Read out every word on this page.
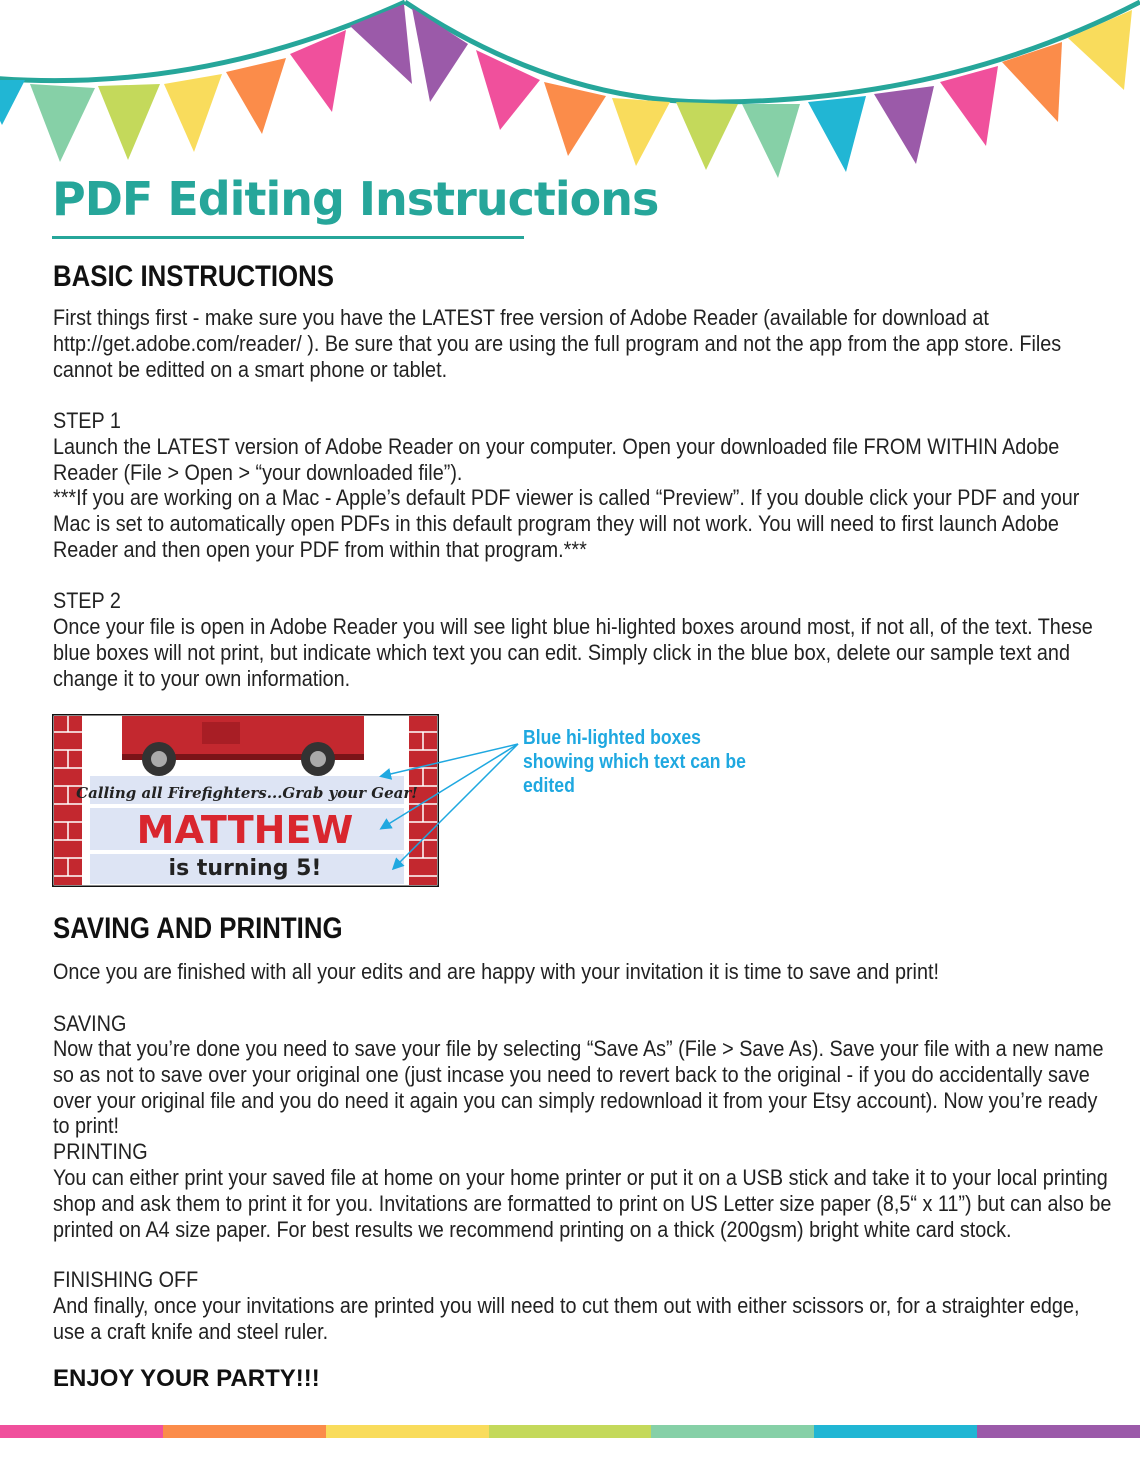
PDF Editing Instructions
BASIC INSTRUCTIONS

First things first - make sure you have the LATEST free version of Adobe Reader (available for download at http://get.adobe.com/reader/ ). Be sure that you are using the full program and not the app from the app store. Files cannot be editted on a smart phone or tablet.

STEP 1

Launch the LATEST version of Adobe Reader on your computer. Open your downloaded file FROM WITHIN Adobe Reader (File > Open > “your downloaded file”).

***If you are working on a Mac - Apple’s default PDF viewer is called “Preview”. If you double click your PDF and your Mac is set to automatically open PDFs in this default program they will not work. You will need to first launch Adobe Reader and then open your PDF from within that program.***

STEP 2

Once your file is open in Adobe Reader you will see light blue hi-lighted boxes around most, if not all, of the text. These blue boxes will not print, but indicate which text you can edit. Simply click in the blue box, delete our sample text and change it to your own information.

Calling all Firefighters...Grab your Gear!
MATTHEW
is turning 5!
Blue hi-lighted boxes showing which text can be edited
SAVING AND PRINTING

Once you are finished with all your edits and are happy with your invitation it is time to save and print!

SAVING

Now that you’re done you need to save your file by selecting “Save As” (File > Save As). Save your file with a new name so as not to save over your original one (just incase you need to revert back to the original - if you do accidentally save over your original file and you do need it again you can simply redownload it from your Etsy account). Now you’re ready to print!

PRINTING

You can either print your saved file at home on your home printer or put it on a USB stick and take it to your local printing shop and ask them to print it for you. Invitations are formatted to print on US Letter size paper (8,5“ x 11”) but can also be printed on A4 size paper. For best results we recommend printing on a thick (200gsm) bright white card stock.

FINISHING OFF

And finally, once your invitations are printed you will need to cut them out with either scissors or, for a straighter edge, use a craft knife and steel ruler.

ENJOY YOUR PARTY!!!
